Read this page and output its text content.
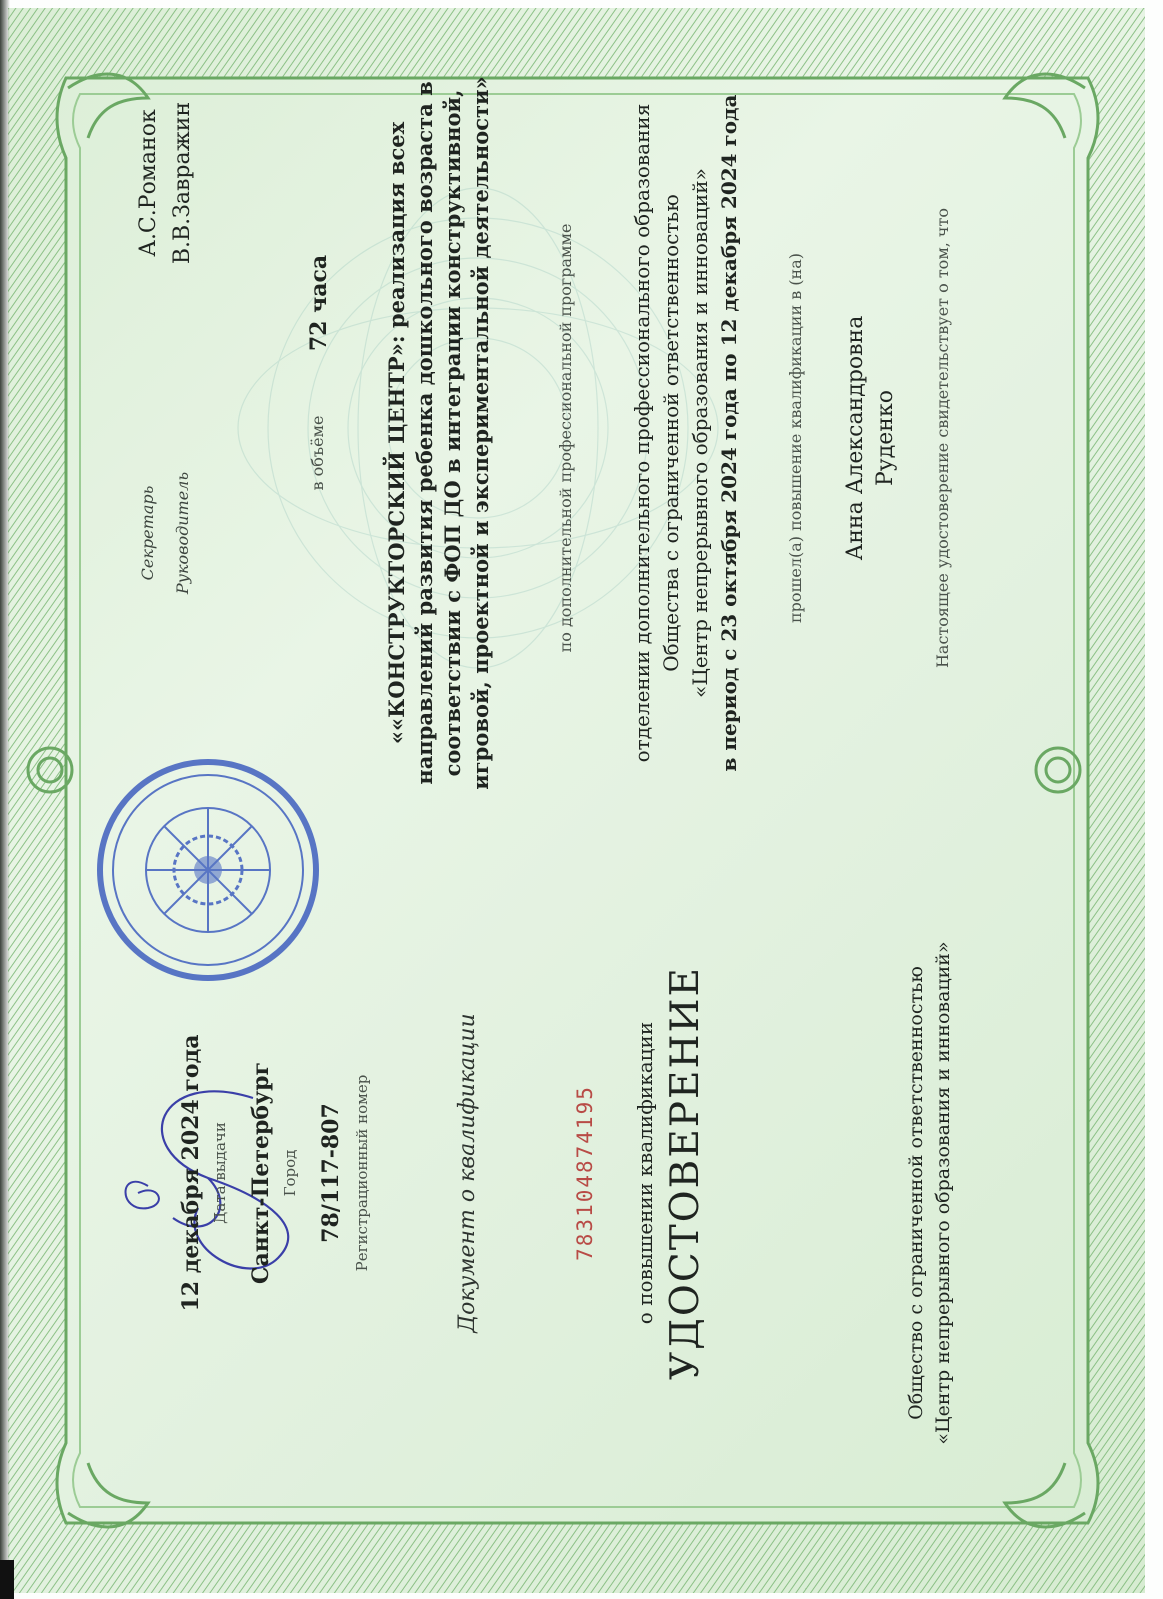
Общество с ограниченной ответственностью «Центр непрерывного образования и инноваций»
УДОСТОВЕРЕНИЕ
о повышении квалификации
783104874195
Документ о квалификации
Регистрационный номер
78/117-807
Город
Санкт-Петербург
Дата выдачи
12 декабря 2024 года
Настоящее удостоверение свидетельствует о том, что
Руденко
Анна Александровна
прошел(а) повышение квалификации в (на)
отделении дополнительного профессионального образования Общества с ограниченной ответственностью «Центр непрерывного образования и инноваций» в период с 23 октября 2024 года по 12 декабря 2024 года
по дополнительной профессиональной программе
««КОНСТРУКТОРСКИЙ ЦЕНТР»: реализация всех направлений развития ребенка дошкольного возраста в соответствии с ФОП ДО в интеграции конструктивной, игровой, проектной и экспериментальной деятельности»
в объёме
72 часа
Руководитель
В.В.Завражин
Секретарь
А.С.Романок
